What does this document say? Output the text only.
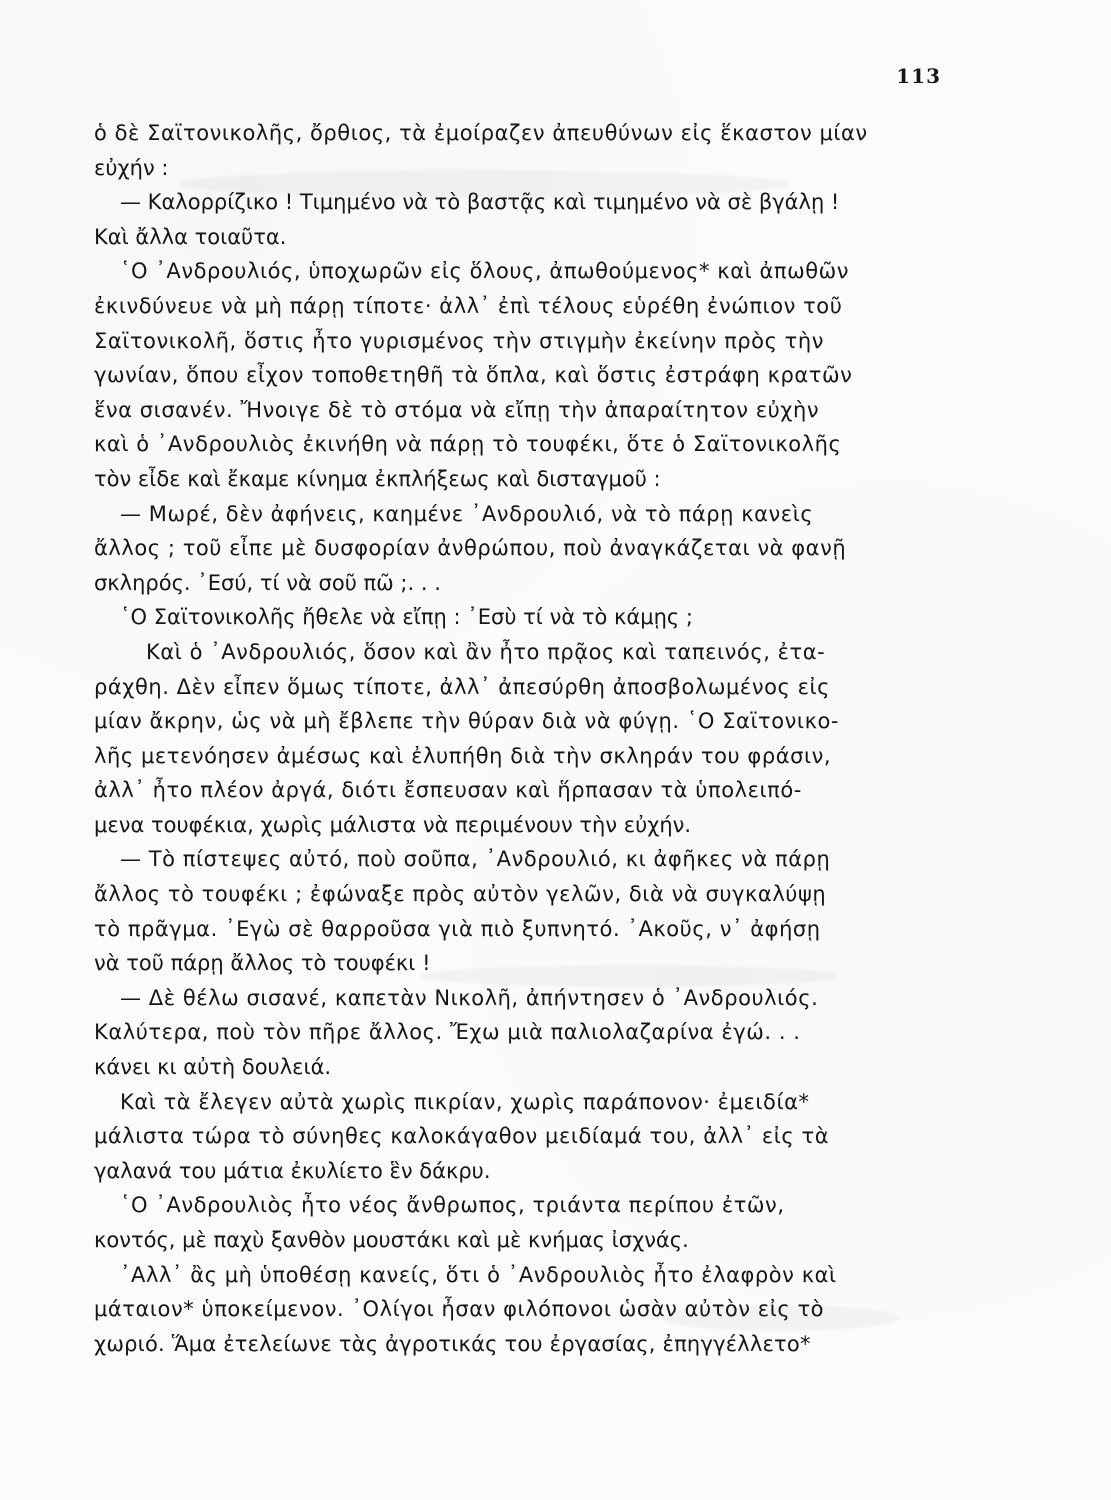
113
ὁ δὲ Σαϊτονικολῆς, ὄρθιος, τὰ ἐμοίραζεν ἀπευθύνων εἰς ἕκαστον μίαν
εὐχήν :
— Καλορρίζικο ! Τιμημένο νὰ τὸ βαστᾷς καὶ τιμημένο νὰ σὲ βγάλῃ !
Καὶ ἄλλα τοιαῦτα.
῾Ο ᾿Ανδρουλιός, ὑποχωρῶν εἰς ὅλους, ἀπωθούμενος* καὶ ἀπωθῶν
ἐκινδύνευε νὰ μὴ πάρῃ τίποτε· ἀλλ᾿ ἐπὶ τέλους εὑρέθη ἐνώπιον τοῦ
Σαϊτονικολῆ, ὅστις ἦτο γυρισμένος τὴν στιγμὴν ἐκείνην πρὸς τὴν
γωνίαν, ὅπου εἶχον τοποθετηθῆ τὰ ὅπλα, καὶ ὅστις ἐστράφη κρατῶν
ἕνα σισανέν. Ἤνοιγε δὲ τὸ στόμα νὰ εἴπῃ τὴν ἀπαραίτητον εὐχὴν
καὶ ὁ ᾿Ανδρουλιὸς ἐκινήθη νὰ πάρῃ τὸ τουφέκι, ὅτε ὁ Σαϊτονικολῆς
τὸν εἶδε καὶ ἔκαμε κίνημα ἐκπλήξεως καὶ δισταγμοῦ :
— Μωρέ, δὲν ἀφήνεις, καημένε ᾿Ανδρουλιό, νὰ τὸ πάρῃ κανεὶς
ἄλλος ; τοῦ εἶπε μὲ δυσφορίαν ἀνθρώπου, ποὺ ἀναγκάζεται νὰ φανῇ
σκληρός. ᾿Εσύ, τί νὰ σοῦ πῶ ;. . .
῾Ο Σαϊτονικολῆς ἤθελε νὰ εἴπῃ : ᾿Εσὺ τί νὰ τὸ κάμῃς ;
Καὶ ὁ ᾿Ανδρουλιός, ὅσον καὶ ἂν ἦτο πρᾷος καὶ ταπεινός, ἐτα-
ράχθη. Δὲν εἶπεν ὅμως τίποτε, ἀλλ᾿ ἀπεσύρθη ἀποσβολωμένος εἰς
μίαν ἄκρην, ὡς νὰ μὴ ἔβλεπε τὴν θύραν διὰ νὰ φύγῃ. ῾Ο Σαϊτονικο-
λῆς μετενόησεν ἀμέσως καὶ ἐλυπήθη διὰ τὴν σκληράν του φράσιν,
ἀλλ᾿ ἦτο πλέον ἀργά, διότι ἔσπευσαν καὶ ἥρπασαν τὰ ὑπολειπό-
μενα τουφέκια, χωρὶς μάλιστα νὰ περιμένουν τὴν εὐχήν.
— Τὸ πίστεψες αὐτό, ποὺ σοῦπα, ᾿Ανδρουλιό, κι ἀφῆκες νὰ πάρῃ
ἄλλος τὸ τουφέκι ; ἐφώναξε πρὸς αὐτὸν γελῶν, διὰ νὰ συγκαλύψῃ
τὸ πρᾶγμα. ᾿Εγὼ σὲ θαρροῦσα γιὰ πιὸ ξυπνητό. ᾿Ακοῦς, ν᾿ ἀφήσῃ
νὰ τοῦ πάρῃ ἄλλος τὸ τουφέκι !
— Δὲ θέλω σισανέ, καπετὰν Νικολῆ, ἀπήντησεν ὁ ᾿Ανδρουλιός.
Καλύτερα, ποὺ τὸν πῆρε ἄλλος. Ἔχω μιὰ παλιολαζαρίνα ἐγώ. . .
κάνει κι αὐτὴ δουλειά.
Καὶ τὰ ἔλεγεν αὐτὰ χωρὶς πικρίαν, χωρὶς παράπονον· ἐμειδία*
μάλιστα τώρα τὸ σύνηθες καλοκάγαθον μειδίαμά του, ἀλλ᾿ εἰς τὰ
γαλανά του μάτια ἐκυλίετο ἓν δάκρυ.
῾Ο ᾿Ανδρουλιὸς ἦτο νέος ἄνθρωπος, τριάντα περίπου ἐτῶν,
κοντός, μὲ παχὺ ξανθὸν μουστάκι καὶ μὲ κνήμας ἰσχνάς.
᾿Αλλ᾿ ἂς μὴ ὑποθέσῃ κανείς, ὅτι ὁ ᾿Ανδρουλιὸς ἦτο ἐλαφρὸν καὶ
μάταιον* ὑποκείμενον. ᾿Ολίγοι ἦσαν φιλόπονοι ὡσὰν αὐτὸν εἰς τὸ
χωριό. Ἅμα ἐτελείωνε τὰς ἀγροτικάς του ἐργασίας, ἐπηγγέλλετο*
